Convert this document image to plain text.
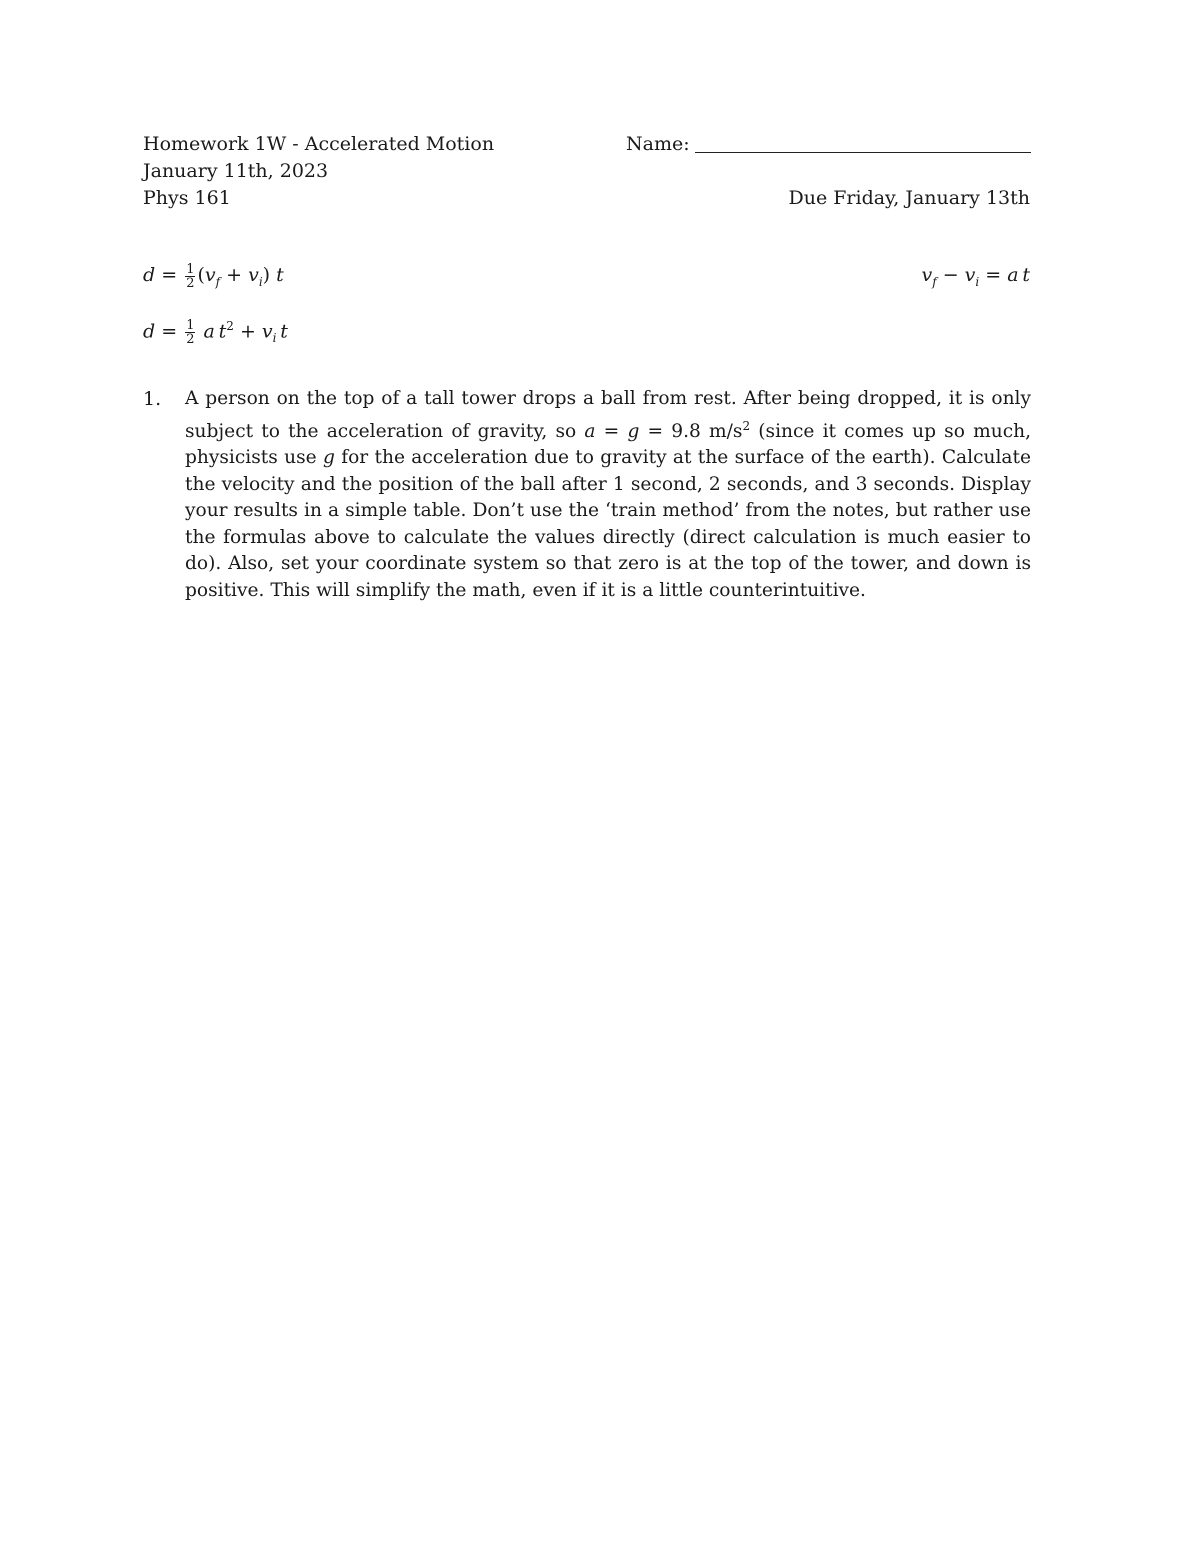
Homework 1W - Accelerated Motion	Name:
January 11th, 2023
Phys 161	Due Friday, January 13th
$d = \frac{1}{2} (v_f + v_i)$ t	$v_f - v_i = a$  t
$d = \frac{1}{2}$ a  $t^2 + v_i$  t
1. A person on the top of a tall tower drops a ball from rest. After being dropped, it is only subject to the acceleration of gravity, so a = g = 9.8 $m/s^2$ (since it comes up so much, physicists use g for the acceleration due to gravity at the surface of the earth). Calculate the velocity and the position of the ball after 1 second, 2 seconds, and 3 seconds. Display your results in a simple table. Don’t use the ‘train method’ from the notes, but rather use the formulas above to calculate the values directly (direct calculation is much easier to do). Also, set your coordinate system so that zero is at the top of the tower, and down is positive. This will simplify the math, even if it is a little counterintuitive.
